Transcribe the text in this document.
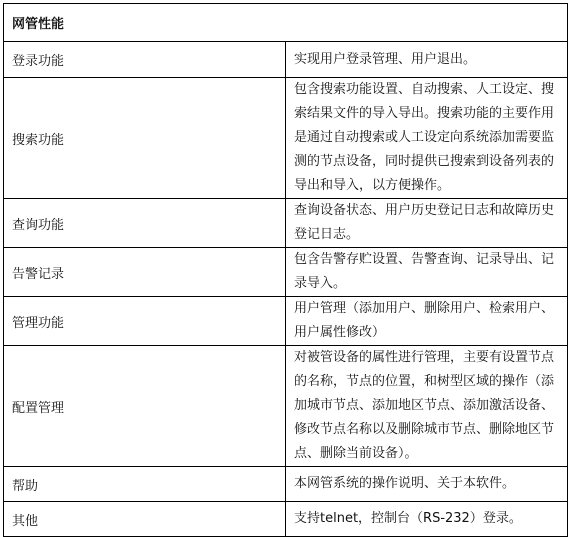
网管性能	
登录功能	实现用户登录管理、用户退出。
搜索功能	包含搜索功能设置、自动搜索、人工设定、搜索结果文件的导入导出。搜索功能的主要作用是通过自动搜索或人工设定向系统添加需要监测的节点设备，同时提供已搜索到设备列表的导出和导入，以方便操作。
查询功能	查询设备状态、用户历史登记日志和故障历史登记日志。
告警记录	包含告警存贮设置、告警查询、记录导出、记录导入。
管理功能	用户管理（添加用户、删除用户、检索用户、用户属性修改）
配置管理	对被管设备的属性进行管理，主要有设置节点的名称，节点的位置，和树型区域的操作（添加城市节点、添加地区节点、添加激活设备、修改节点名称以及删除城市节点、删除地区节点、删除当前设备）。
帮助	本网管系统的操作说明、关于本软件。
其他	支持telnet，控制台（RS-232）登录。
